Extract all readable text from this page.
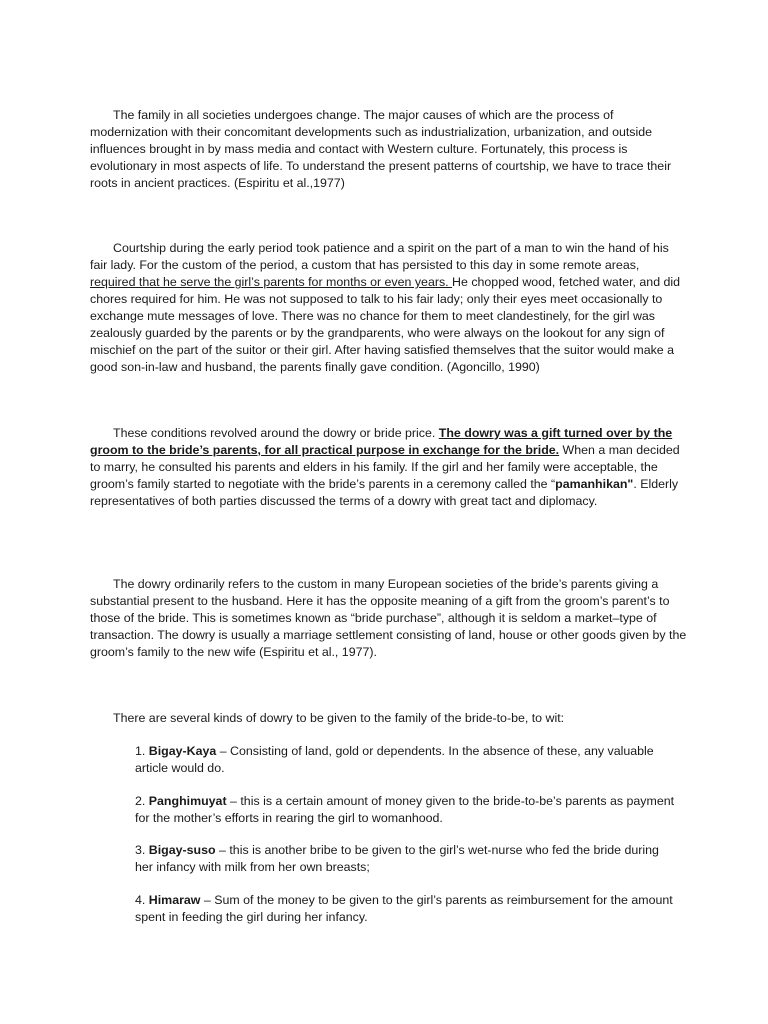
The family in all societies undergoes change. The major causes of which are the process of modernization with their concomitant developments such as industrialization, urbanization, and outside influences brought in by mass media and contact with Western culture. Fortunately, this process is evolutionary in most aspects of life. To understand the present patterns of courtship, we have to trace their roots in ancient practices. (Espiritu et al.,1977)

Courtship during the early period took patience and a spirit on the part of a man to win the hand of his fair lady. For the custom of the period, a custom that has persisted to this day in some remote areas, required that he serve the girl’s parents for months or even years. He chopped wood, fetched water, and did chores required for him. He was not supposed to talk to his fair lady; only their eyes meet occasionally to exchange mute messages of love. There was no chance for them to meet clandestinely, for the girl was zealously guarded by the parents or by the grandparents, who were always on the lookout for any sign of mischief on the part of the suitor or their girl. After having satisfied themselves that the suitor would make a good son-in-law and husband, the parents finally gave condition. (Agoncillo, 1990)

These conditions revolved around the dowry or bride price. The dowry was a gift turned over by the groom to the bride’s parents, for all practical purpose in exchange for the bride. When a man decided to marry, he consulted his parents and elders in his family. If the girl and her family were acceptable, the groom’s family started to negotiate with the bride’s parents in a ceremony called the “pamanhikan". Elderly representatives of both parties discussed the terms of a dowry with great tact and diplomacy.

The dowry ordinarily refers to the custom in many European societies of the bride’s parents giving a substantial present to the husband. Here it has the opposite meaning of a gift from the groom’s parent’s to those of the bride. This is sometimes known as “bride purchase”, although it is seldom a market–type of transaction. The dowry is usually a marriage settlement consisting of land, house or other goods given by the groom’s family to the new wife (Espiritu et al., 1977).

There are several kinds of dowry to be given to the family of the bride-to-be, to wit:

1. Bigay-Kaya – Consisting of land, gold or dependents. In the absence of these, any valuable article would do.

2. Panghimuyat – this is a certain amount of money given to the bride-to-be’s parents as payment for the mother’s efforts in rearing the girl to womanhood.

3. Bigay-suso – this is another bribe to be given to the girl’s wet-nurse who fed the bride during her infancy with milk from her own breasts;

4. Himaraw – Sum of the money to be given to the girl’s parents as reimbursement for the amount spent in feeding the girl during her infancy.
